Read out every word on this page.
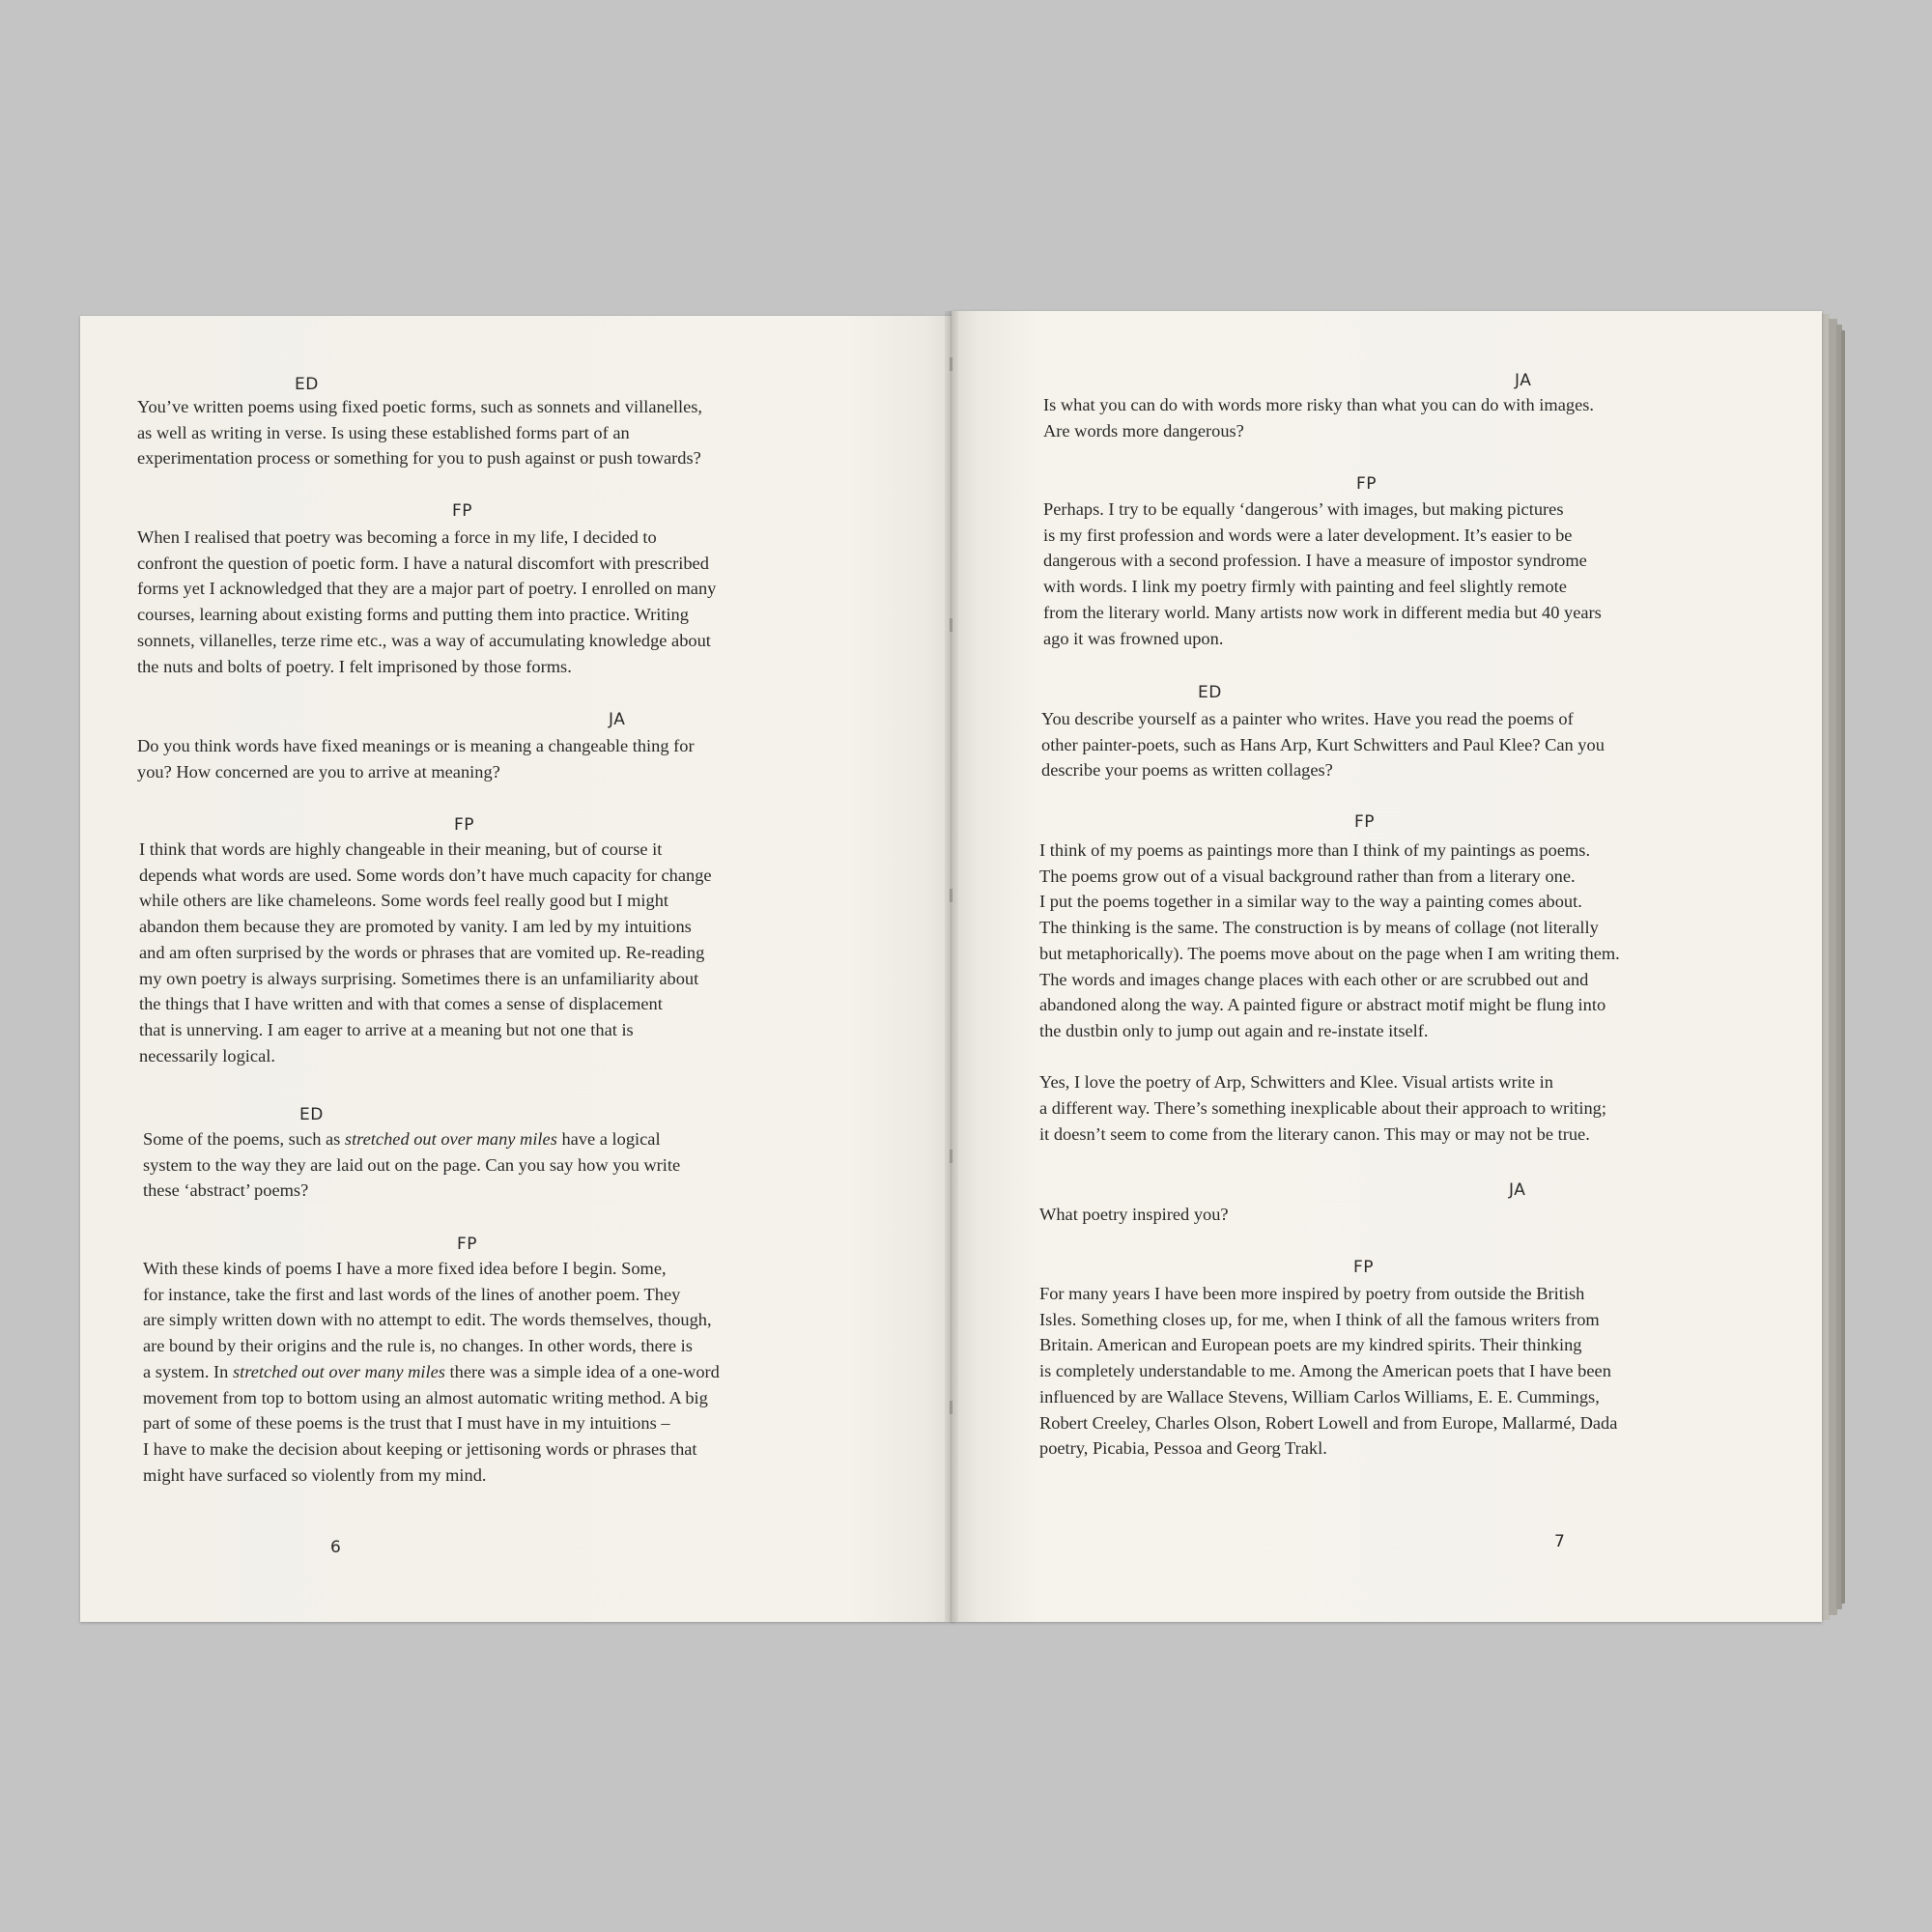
ED
You’ve written poems using fixed poetic forms, such as sonnets and villanelles,
as well as writing in verse. Is using these established forms part of an
experimentation process or something for you to push against or push towards?
FP
When I realised that poetry was becoming a force in my life, I decided to
confront the question of poetic form. I have a natural discomfort with prescribed
forms yet I acknowledged that they are a major part of poetry. I enrolled on many
courses, learning about existing forms and putting them into practice. Writing
sonnets, villanelles, terze rime etc., was a way of accumulating knowledge about
the nuts and bolts of poetry. I felt imprisoned by those forms.
JA
Do you think words have fixed meanings or is meaning a changeable thing for
you? How concerned are you to arrive at meaning?
FP
I think that words are highly changeable in their meaning, but of course it
depends what words are used. Some words don’t have much capacity for change
while others are like chameleons. Some words feel really good but I might
abandon them because they are promoted by vanity. I am led by my intuitions
and am often surprised by the words or phrases that are vomited up. Re-reading
my own poetry is always surprising. Sometimes there is an unfamiliarity about
the things that I have written and with that comes a sense of displacement
that is unnerving. I am eager to arrive at a meaning but not one that is
necessarily logical.
ED
Some of the poems, such as stretched out over many miles have a logical
system to the way they are laid out on the page. Can you say how you write
these ‘abstract’ poems?
FP
With these kinds of poems I have a more fixed idea before I begin. Some,
for instance, take the first and last words of the lines of another poem. They
are simply written down with no attempt to edit. The words themselves, though,
are bound by their origins and the rule is, no changes. In other words, there is
a system. In stretched out over many miles there was a simple idea of a one-word
movement from top to bottom using an almost automatic writing method. A big
part of some of these poems is the trust that I must have in my intuitions –
I have to make the decision about keeping or jettisoning words or phrases that
might have surfaced so violently from my mind.
6
JA
Is what you can do with words more risky than what you can do with images.
Are words more dangerous?
FP
Perhaps. I try to be equally ‘dangerous’ with images, but making pictures
is my first profession and words were a later development. It’s easier to be
dangerous with a second profession. I have a measure of impostor syndrome
with words. I link my poetry firmly with painting and feel slightly remote
from the literary world. Many artists now work in different media but 40 years
ago it was frowned upon.
ED
You describe yourself as a painter who writes. Have you read the poems of
other painter-poets, such as Hans Arp, Kurt Schwitters and Paul Klee? Can you
describe your poems as written collages?
FP
I think of my poems as paintings more than I think of my paintings as poems.
The poems grow out of a visual background rather than from a literary one.
I put the poems together in a similar way to the way a painting comes about.
The thinking is the same. The construction is by means of collage (not literally
but metaphorically). The poems move about on the page when I am writing them.
The words and images change places with each other or are scrubbed out and
abandoned along the way. A painted figure or abstract motif might be flung into
the dustbin only to jump out again and re-instate itself.

Yes, I love the poetry of Arp, Schwitters and Klee. Visual artists write in
a different way. There’s something inexplicable about their approach to writing;
it doesn’t seem to come from the literary canon. This may or may not be true.
JA
What poetry inspired you?
FP
For many years I have been more inspired by poetry from outside the British
Isles. Something closes up, for me, when I think of all the famous writers from
Britain. American and European poets are my kindred spirits. Their thinking
is completely understandable to me. Among the American poets that I have been
influenced by are Wallace Stevens, William Carlos Williams, E. E. Cummings,
Robert Creeley, Charles Olson, Robert Lowell and from Europe, Mallarmé, Dada
poetry, Picabia, Pessoa and Georg Trakl.
7
